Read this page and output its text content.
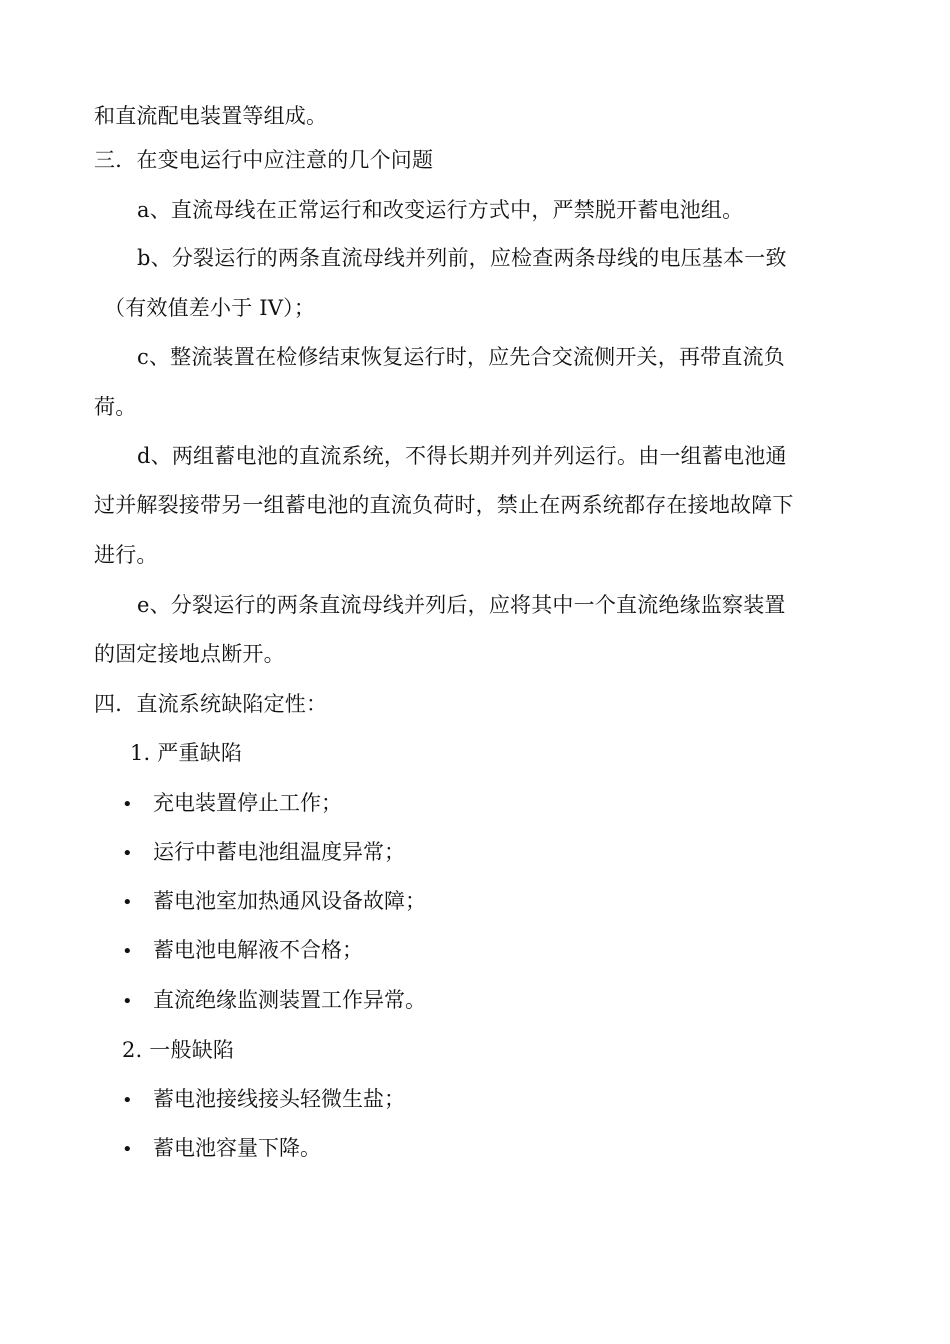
和直流配电装置等组成。
三．在变电运行中应注意的几个问题
a、直流母线在正常运行和改变运行方式中，严禁脱开蓄电池组。
b、分裂运行的两条直流母线并列前，应检查两条母线的电压基本一致
（有效值差小于 IV）；
c、整流装置在检修结束恢复运行时，应先合交流侧开关，再带直流负
荷。
d、两组蓄电池的直流系统，不得长期并列并列运行。由一组蓄电池通
过并解裂接带另一组蓄电池的直流负荷时，禁止在两系统都存在接地故障下
进行。
e、分裂运行的两条直流母线并列后，应将其中一个直流绝缘监察装置
的固定接地点断开。
四．直流系统缺陷定性：
1. 严重缺陷
• 充电装置停止工作；
• 运行中蓄电池组温度异常；
• 蓄电池室加热通风设备故障；
• 蓄电池电解液不合格；
• 直流绝缘监测装置工作异常。
2. 一般缺陷
• 蓄电池接线接头轻微生盐；
• 蓄电池容量下降。
